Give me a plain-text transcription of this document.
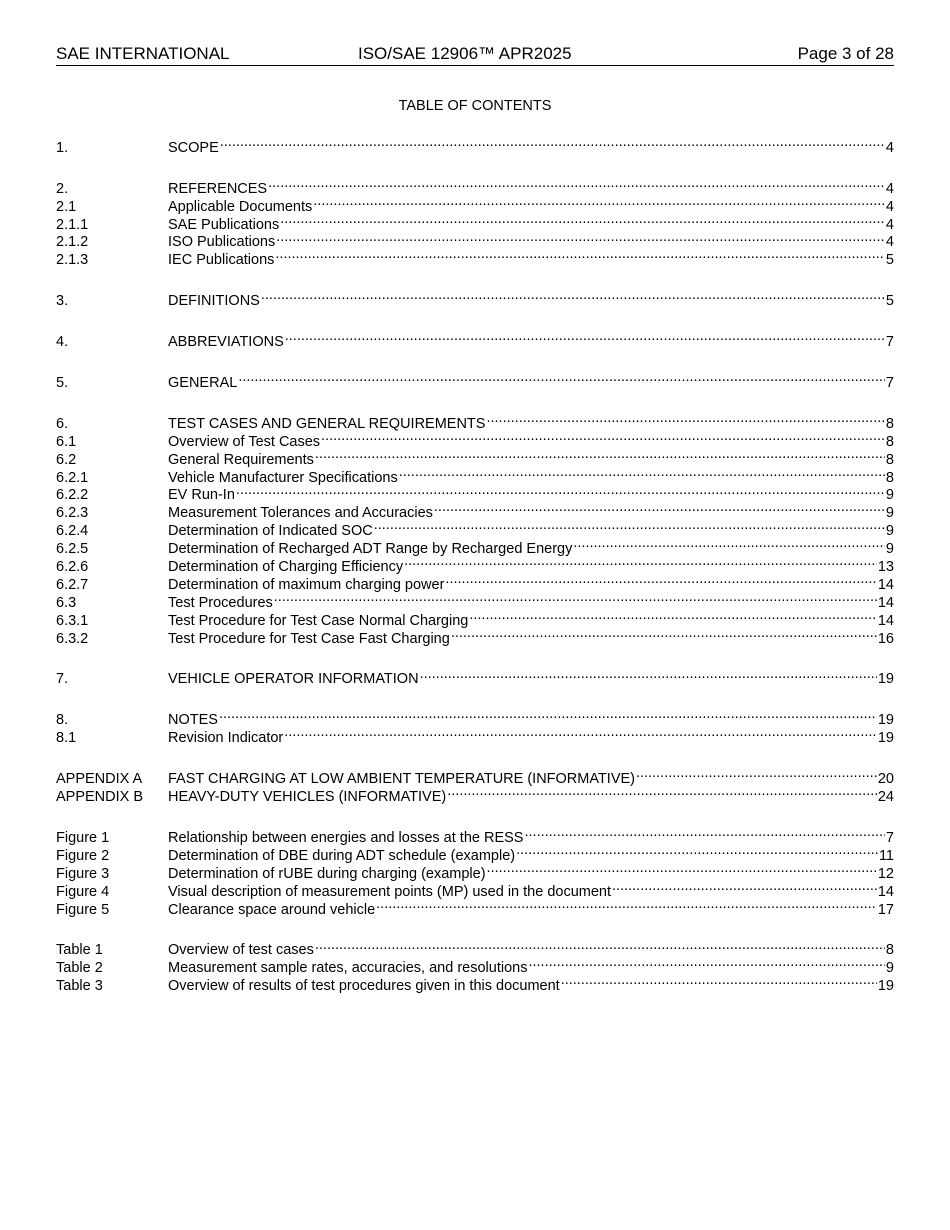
SAE INTERNATIONAL	ISO/SAE 12906™ APR2025	Page 3 of 28
TABLE OF CONTENTS
1.	SCOPE .....	4
2.	REFERENCES .....	4
2.1	Applicable Documents .....	4
2.1.1	SAE Publications .....	4
2.1.2	ISO Publications .....	4
2.1.3	IEC Publications .....	5
3.	DEFINITIONS .....	5
4.	ABBREVIATIONS .....	7
5.	GENERAL .....	7
6.	TEST CASES AND GENERAL REQUIREMENTS .....	8
6.1	Overview of Test Cases .....	8
6.2	General Requirements .....	8
6.2.1	Vehicle Manufacturer Specifications .....	8
6.2.2	EV Run-In .....	9
6.2.3	Measurement Tolerances and Accuracies .....	9
6.2.4	Determination of Indicated SOC .....	9
6.2.5	Determination of Recharged ADT Range by Recharged Energy .....	9
6.2.6	Determination of Charging Efficiency .....	13
6.2.7	Determination of maximum charging power .....	14
6.3	Test Procedures .....	14
6.3.1	Test Procedure for Test Case Normal Charging .....	14
6.3.2	Test Procedure for Test Case Fast Charging .....	16
7.	VEHICLE OPERATOR INFORMATION .....	19
8.	NOTES .....	19
8.1	Revision Indicator .....	19
APPENDIX A	FAST CHARGING AT LOW AMBIENT TEMPERATURE (INFORMATIVE) .....	20
APPENDIX B	HEAVY-DUTY VEHICLES (INFORMATIVE) .....	24
Figure 1	Relationship between energies and losses at the RESS .....	7
Figure 2	Determination of DBE during ADT schedule (example) .....	11
Figure 3	Determination of rUBE during charging (example) .....	12
Figure 4	Visual description of measurement points (MP) used in the document .....	14
Figure 5	Clearance space around vehicle .....	17
Table 1	Overview of test cases .....	8
Table 2	Measurement sample rates, accuracies, and resolutions .....	9
Table 3	Overview of results of test procedures given in this document .....	19
